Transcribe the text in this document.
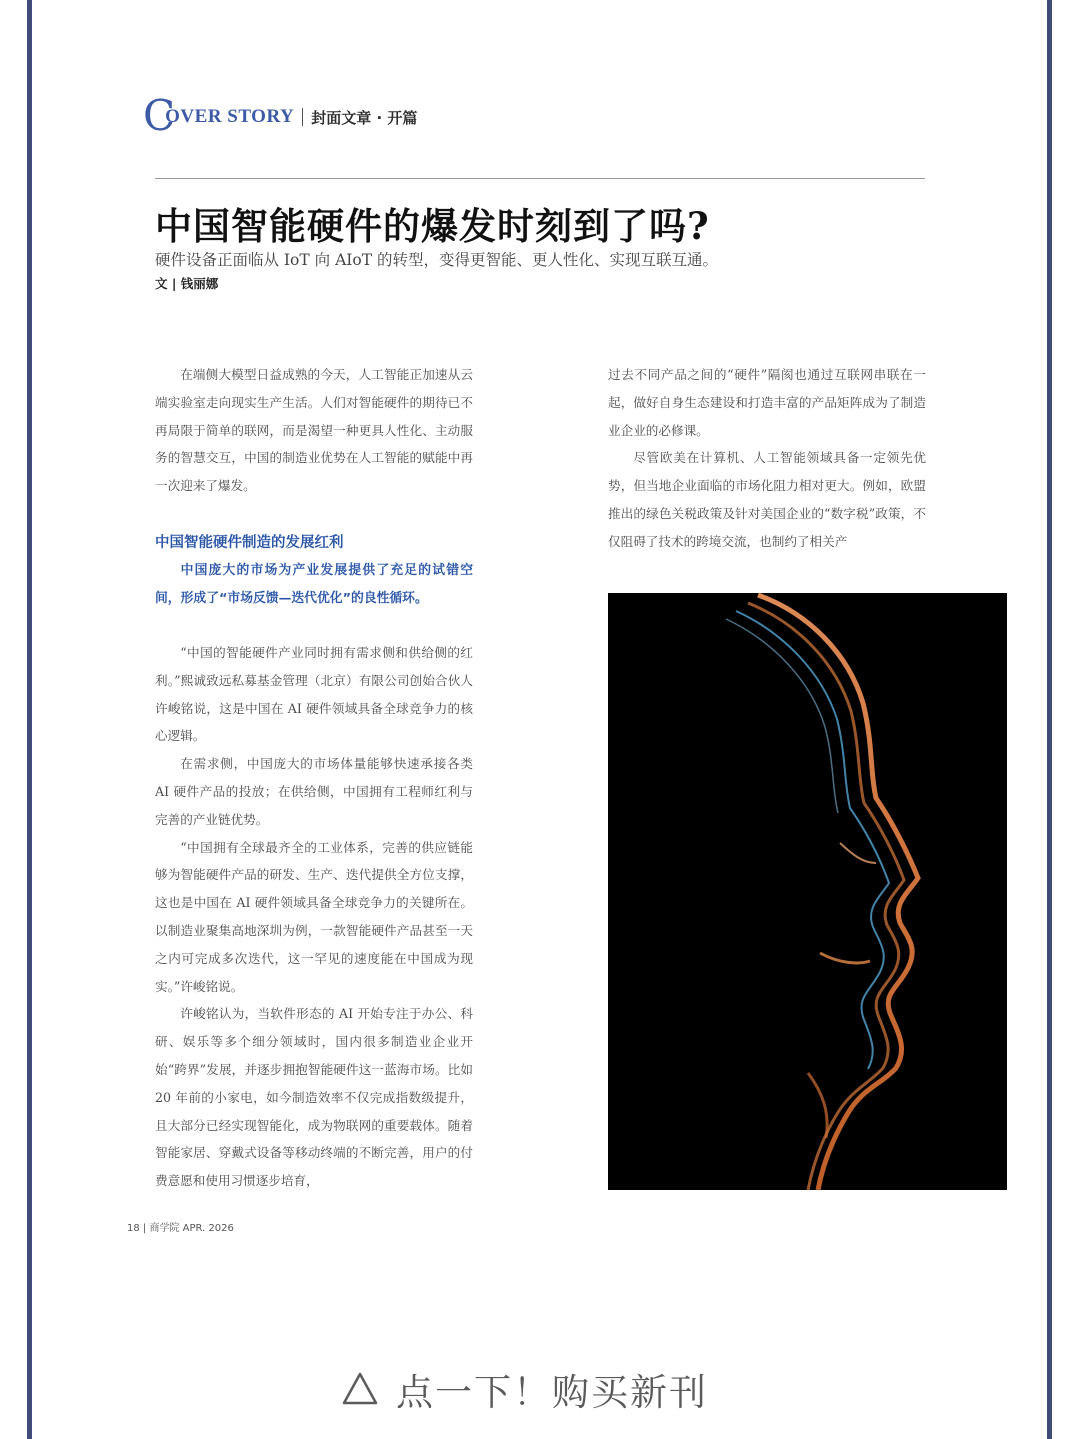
C
OVER STORY 封面文章 · 开篇
中国智能硬件的爆发时刻到了吗?

硬件设备正面临从 IoT 向 AIoT 的转型，变得更智能、更人性化、实现互联互通。

文 | 钱丽娜

在端侧大模型日益成熟的今天，人工智能正加速从云端实验室走向现实生产生活。人们对智能硬件的期待已不再局限于简单的联网，而是渴望一种更具人性化、主动服务的智慧交互，中国的制造业优势在人工智能的赋能中再一次迎来了爆发。

中国智能硬件制造的发展红利

中国庞大的市场为产业发展提供了充足的试错空间，形成了“市场反馈—迭代优化”的良性循环。

“中国的智能硬件产业同时拥有需求侧和供给侧的红利。”熙诚致远私募基金管理（北京）有限公司创始合伙人许峻铭说，这是中国在 AI 硬件领域具备全球竞争力的核心逻辑。

在需求侧，中国庞大的市场体量能够快速承接各类 AI 硬件产品的投放；在供给侧，中国拥有工程师红利与完善的产业链优势。

“中国拥有全球最齐全的工业体系，完善的供应链能够为智能硬件产品的研发、生产、迭代提供全方位支撑，这也是中国在 AI 硬件领域具备全球竞争力的关键所在。以制造业聚集高地深圳为例，一款智能硬件产品甚至一天之内可完成多次迭代，这一罕见的速度能在中国成为现实。”许峻铭说。

许峻铭认为，当软件形态的 AI 开始专注于办公、科研、娱乐等多个细分领域时，国内很多制造业企业开始“跨界”发展，并逐步拥抱智能硬件这一蓝海市场。比如 20 年前的小家电，如今制造效率不仅完成指数级提升，且大部分已经实现智能化，成为物联网的重要载体。随着智能家居、穿戴式设备等移动终端的不断完善，用户的付费意愿和使用习惯逐步培育，

过去不同产品之间的“硬件”隔阂也通过互联网串联在一起，做好自身生态建设和打造丰富的产品矩阵成为了制造业企业的必修课。

尽管欧美在计算机、人工智能领域具备一定领先优势，但当地企业面临的市场化阻力相对更大。例如，欧盟推出的绿色关税政策及针对美国企业的“数字税”政策，不仅阻碍了技术的跨境交流，也制约了相关产

18 | 商学院 APR. 2026
点一下！购买新刊
